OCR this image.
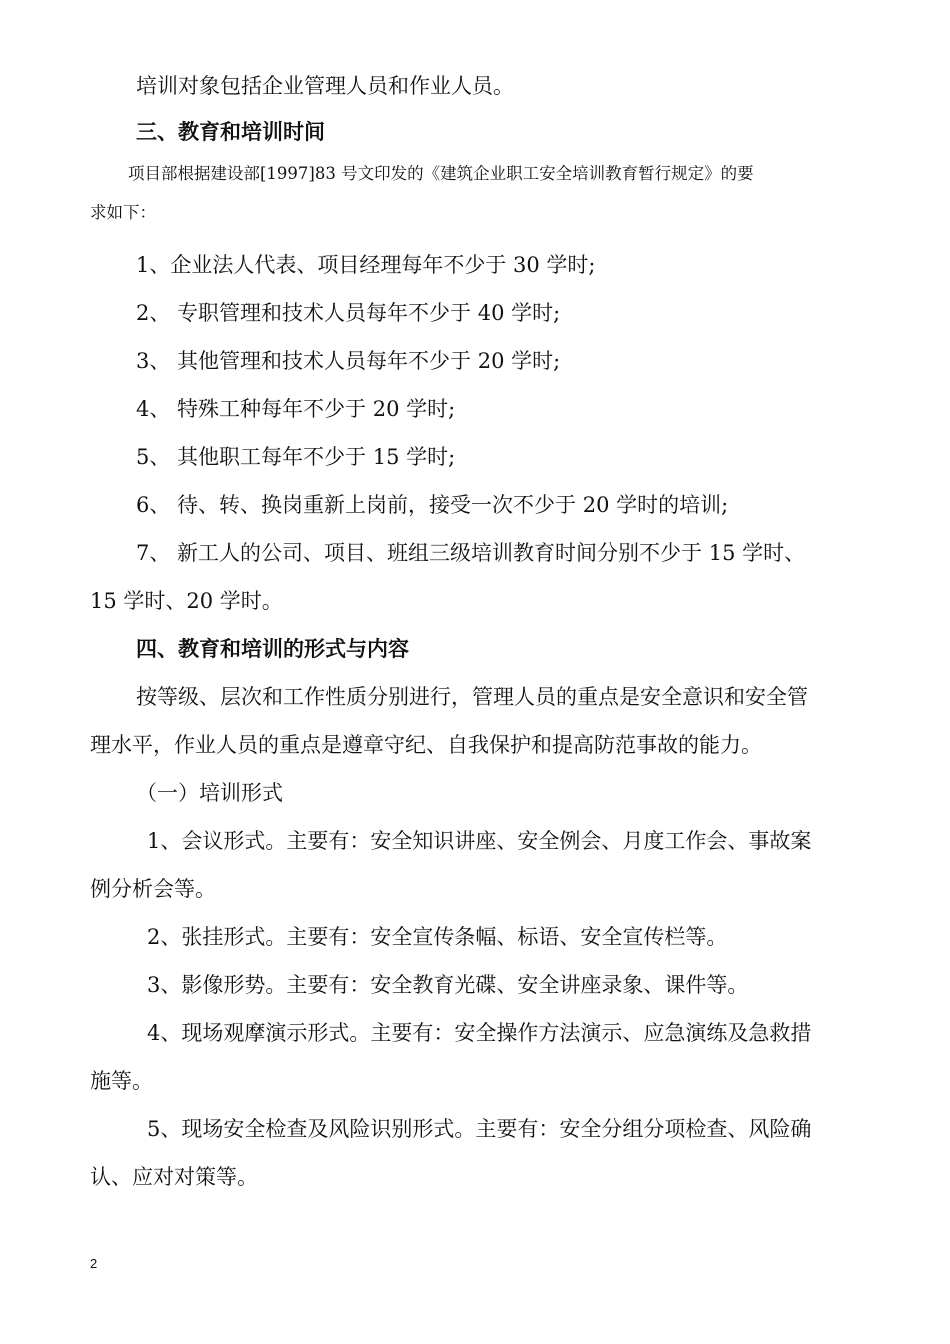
培训对象包括企业管理人员和作业人员。
三、教育和培训时间
项目部根据建设部[1997]83 号文印发的《建筑企业职工安全培训教育暂行规定》的要
求如下：
1、企业法人代表、项目经理每年不少于 30 学时;
2、 专职管理和技术人员每年不少于 40 学时;
3、 其他管理和技术人员每年不少于 20 学时;
4、 特殊工种每年不少于 20 学时;
5、 其他职工每年不少于 15 学时;
6、 待、转、换岗重新上岗前，接受一次不少于 20 学时的培训;
7、 新工人的公司、项目、班组三级培训教育时间分别不少于 15 学时、
15 学时、20 学时。
四、教育和培训的形式与内容
按等级、层次和工作性质分别进行，管理人员的重点是安全意识和安全管
理水平，作业人员的重点是遵章守纪、自我保护和提高防范事故的能力。
（一）培训形式
1、会议形式。主要有：安全知识讲座、安全例会、月度工作会、事故案
例分析会等。
2、张挂形式。主要有：安全宣传条幅、标语、安全宣传栏等。
3、影像形势。主要有：安全教育光碟、安全讲座录象、课件等。
4、现场观摩演示形式。主要有：安全操作方法演示、应急演练及急救措
施等。
5、现场安全检查及风险识别形式。主要有：安全分组分项检查、风险确
认、应对对策等。
2
